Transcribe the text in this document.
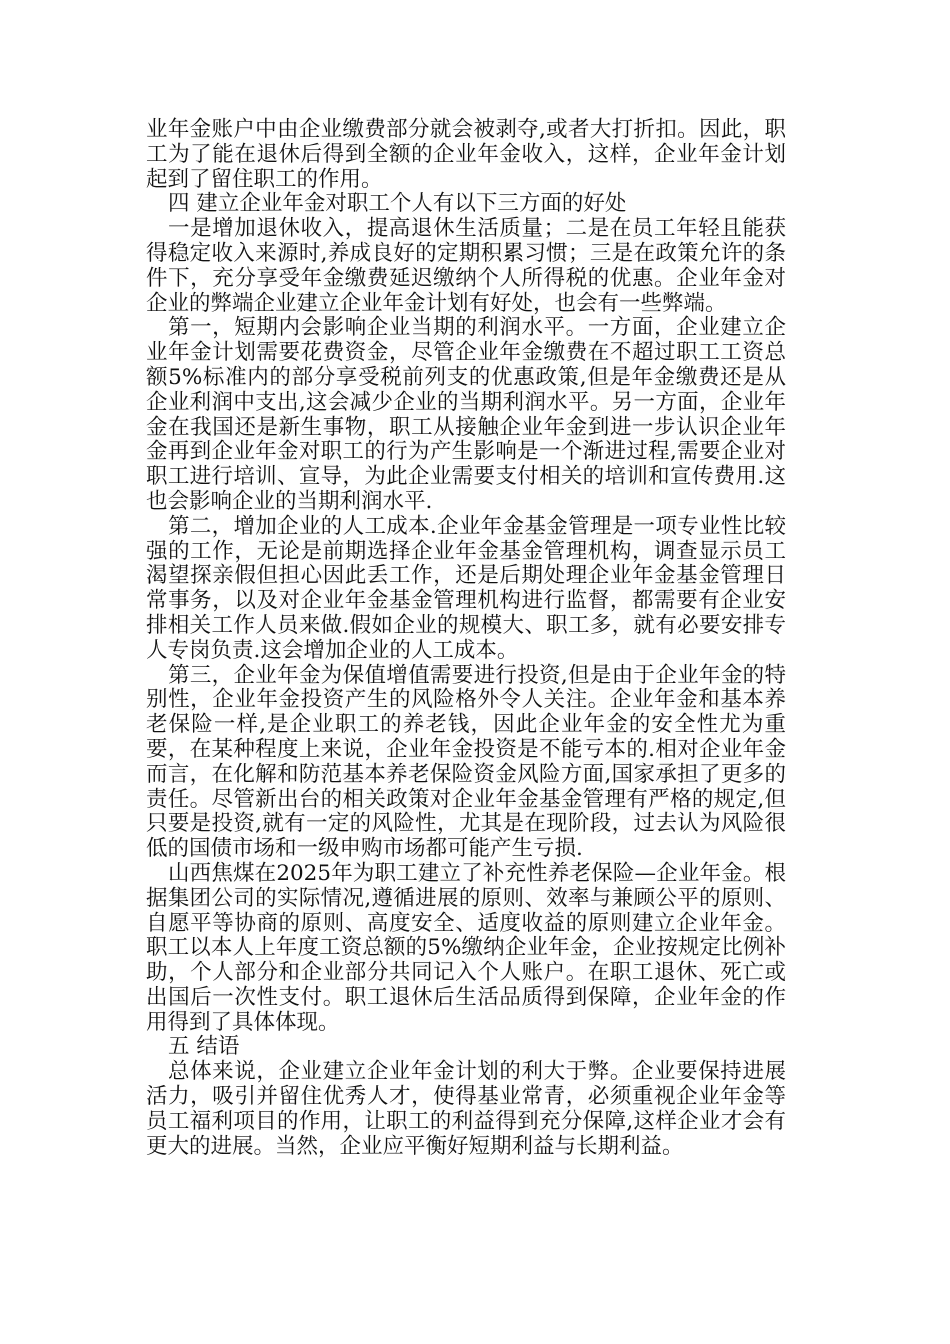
业年金账户中由企业缴费部分就会被剥夺,或者大打折扣。因此，职工为了能在退休后得到全额的企业年金收入，这样，企业年金计划起到了留住职工的作用。

四 建立企业年金对职工个人有以下三方面的好处

一是增加退休收入，提高退休生活质量；二是在员工年轻且能获得稳定收入来源时,养成良好的定期积累习惯；三是在政策允许的条件下，充分享受年金缴费延迟缴纳个人所得税的优惠。企业年金对企业的弊端企业建立企业年金计划有好处，也会有一些弊端。

第一，短期内会影响企业当期的利润水平。一方面，企业建立企业年金计划需要花费资金，尽管企业年金缴费在不超过职工工资总额5%标准内的部分享受税前列支的优惠政策,但是年金缴费还是从企业利润中支出,这会减少企业的当期利润水平。另一方面，企业年金在我国还是新生事物，职工从接触企业年金到进一步认识企业年金再到企业年金对职工的行为产生影响是一个渐进过程,需要企业对职工进行培训、宣导，为此企业需要支付相关的培训和宣传费用.这也会影响企业的当期利润水平.

第二，增加企业的人工成本.企业年金基金管理是一项专业性比较强的工作，无论是前期选择企业年金基金管理机构，调查显示员工渴望探亲假但担心因此丢工作，还是后期处理企业年金基金管理日常事务，以及对企业年金基金管理机构进行监督，都需要有企业安排相关工作人员来做.假如企业的规模大、职工多，就有必要安排专人专岗负责.这会增加企业的人工成本。

第三，企业年金为保值增值需要进行投资,但是由于企业年金的特别性，企业年金投资产生的风险格外令人关注。企业年金和基本养老保险一样,是企业职工的养老钱，因此企业年金的安全性尤为重要，在某种程度上来说，企业年金投资是不能亏本的.相对企业年金而言，在化解和防范基本养老保险资金风险方面,国家承担了更多的责任。尽管新出台的相关政策对企业年金基金管理有严格的规定,但只要是投资,就有一定的风险性，尤其是在现阶段，过去认为风险很低的国债市场和一级申购市场都可能产生亏损.

山西焦煤在2025年为职工建立了补充性养老保险—企业年金。根据集团公司的实际情况,遵循进展的原则、效率与兼顾公平的原则、自愿平等协商的原则、高度安全、适度收益的原则建立企业年金。职工以本人上年度工资总额的5%缴纳企业年金，企业按规定比例补助，个人部分和企业部分共同记入个人账户。在职工退休、死亡或出国后一次性支付。职工退休后生活品质得到保障，企业年金的作用得到了具体体现。

五 结语

总体来说，企业建立企业年金计划的利大于弊。企业要保持进展活力，吸引并留住优秀人才，使得基业常青，必须重视企业年金等员工福利项目的作用，让职工的利益得到充分保障,这样企业才会有更大的进展。当然，企业应平衡好短期利益与长期利益。
